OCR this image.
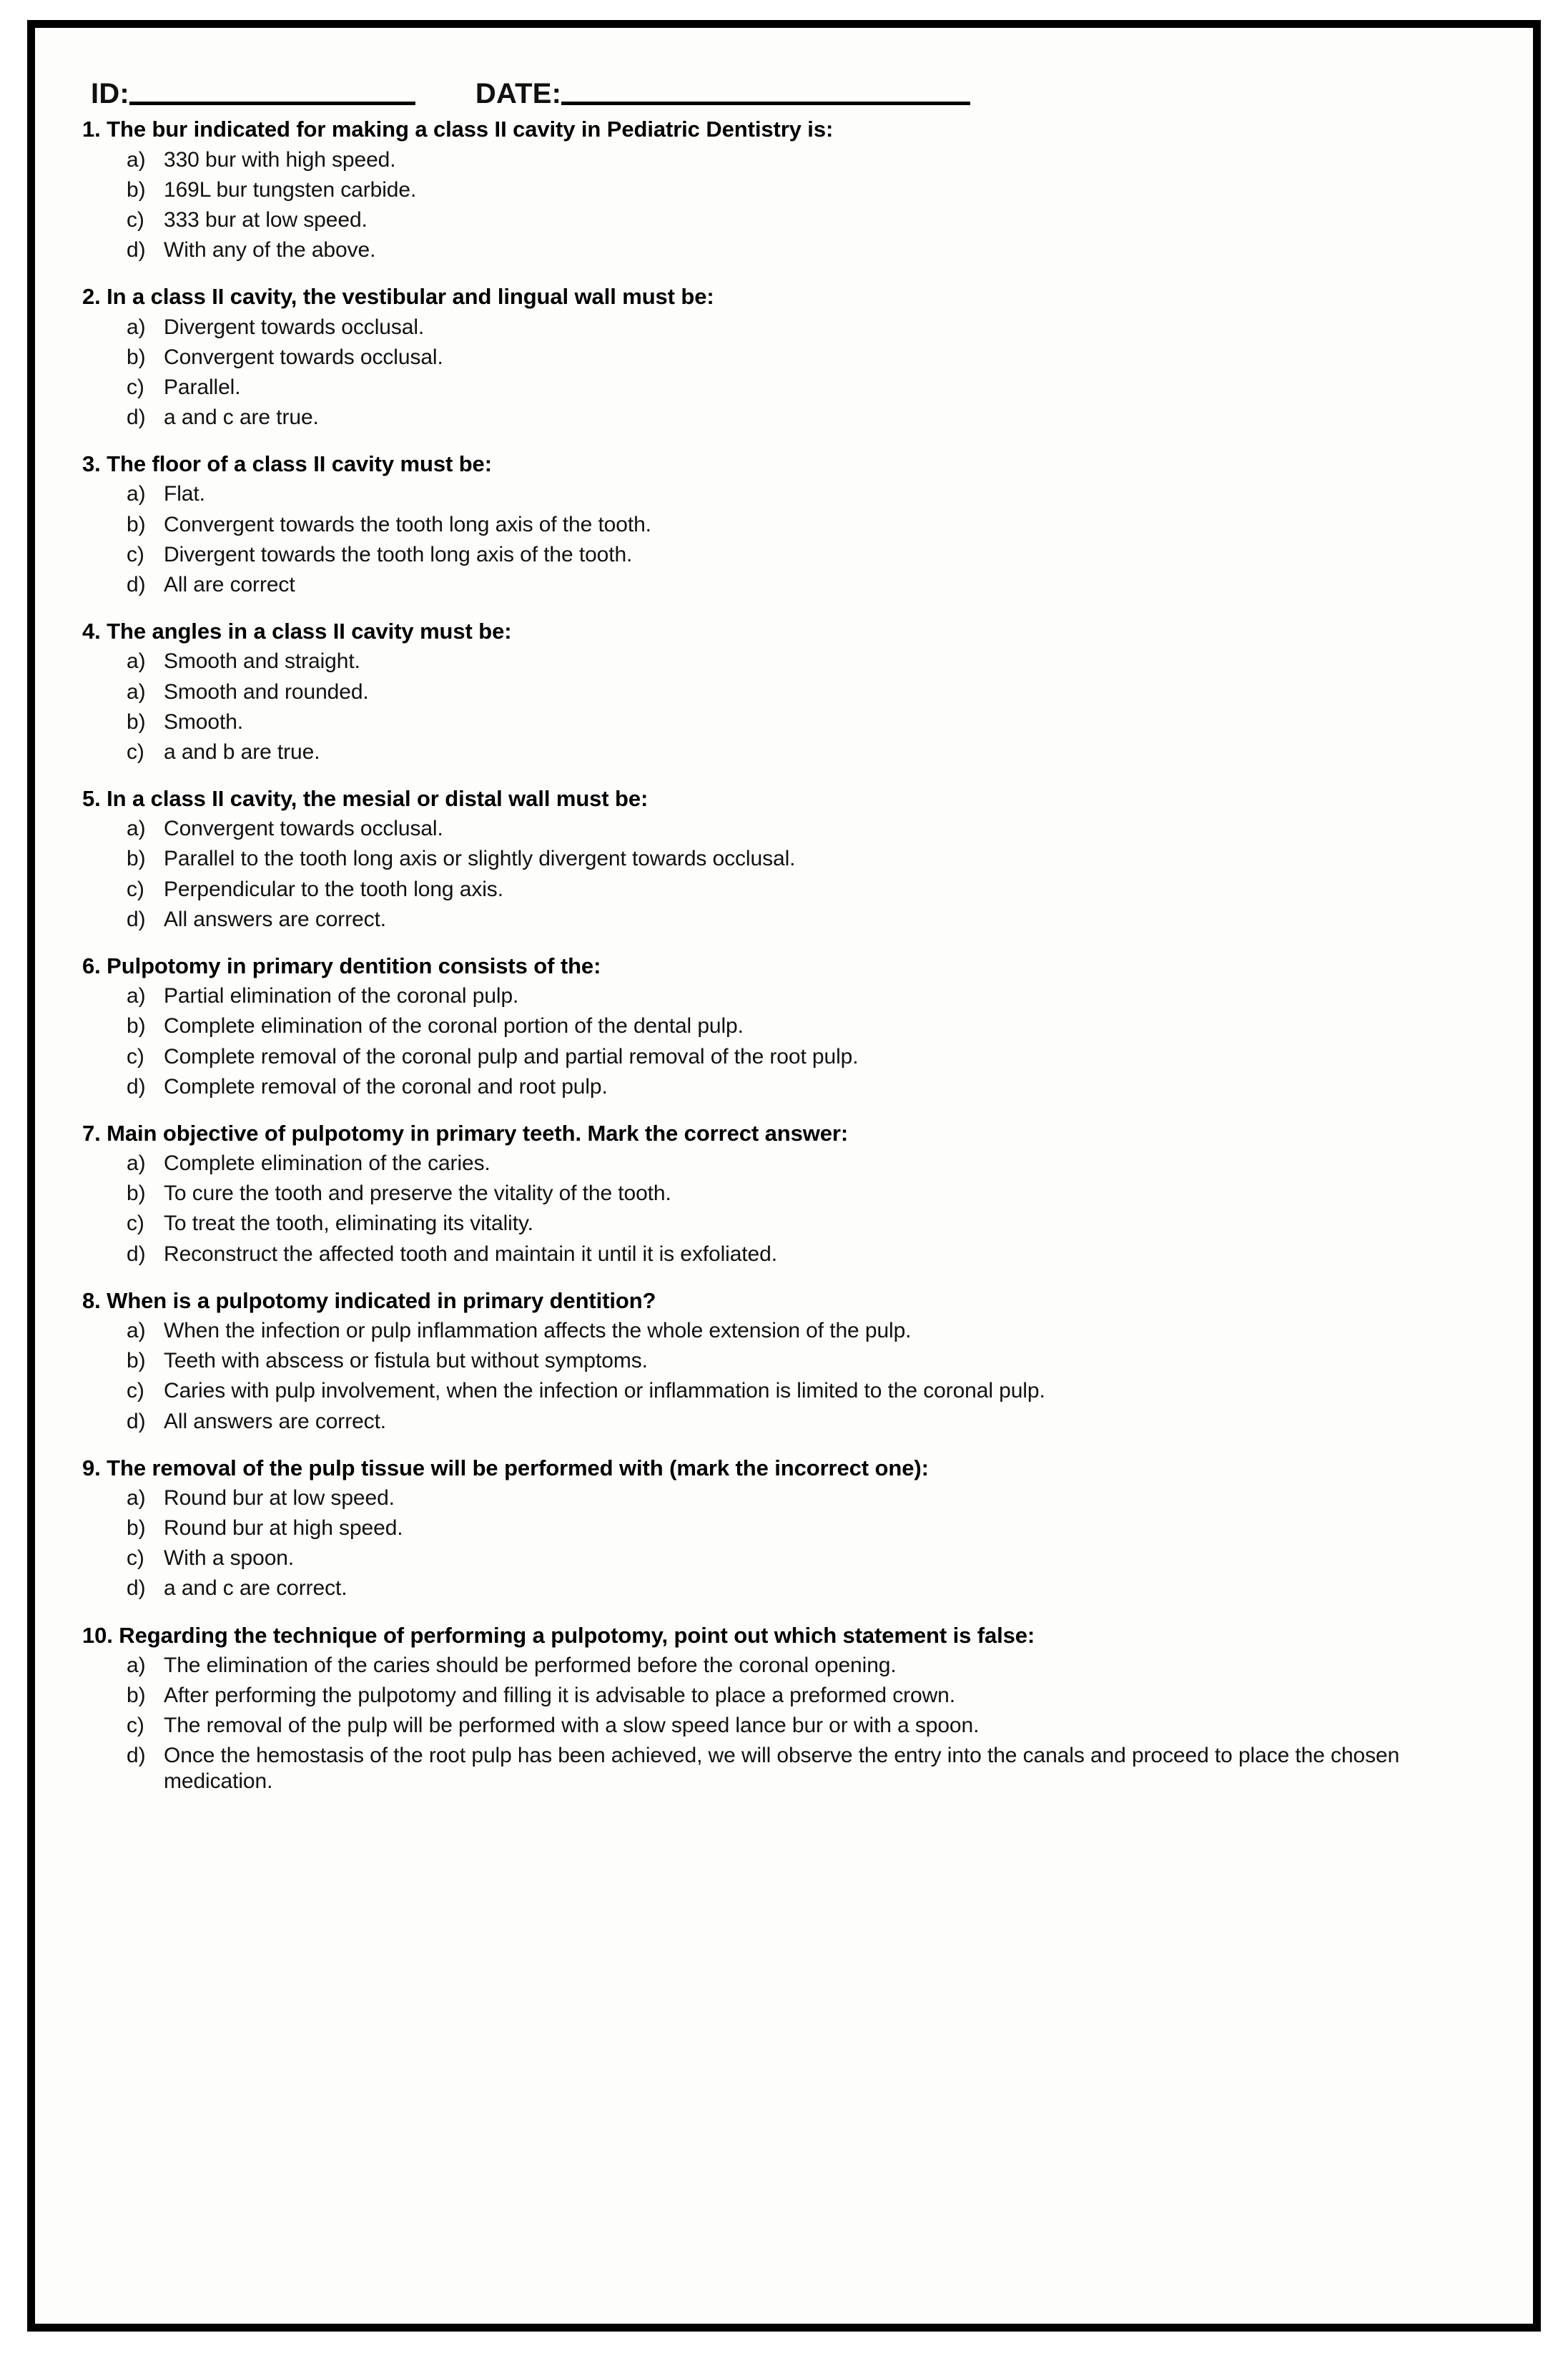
ID:	DATE:
1. The bur indicated for making a class II cavity in Pediatric Dentistry is:
a) 330 bur with high speed.
b) 169L bur tungsten carbide.
c) 333 bur at low speed.
d) With any of the above.
2. In a class II cavity, the vestibular and lingual wall must be:
a) Divergent towards occlusal.
b) Convergent towards occlusal.
c) Parallel.
d) a and c are true.
3. The floor of a class II cavity must be:
a) Flat.
b) Convergent towards the tooth long axis of the tooth.
c) Divergent towards the tooth long axis of the tooth.
d) All are correct
4. The angles in a class II cavity must be:
a) Smooth and straight.
a) Smooth and rounded.
b) Smooth.
c) a and b are true.
5. In a class II cavity, the mesial or distal wall must be:
a) Convergent towards occlusal.
b) Parallel to the tooth long axis or slightly divergent towards occlusal.
c) Perpendicular to the tooth long axis.
d) All answers are correct.
6. Pulpotomy in primary dentition consists of the:
a) Partial elimination of the coronal pulp.
b) Complete elimination of the coronal portion of the dental pulp.
c) Complete removal of the coronal pulp and partial removal of the root pulp.
d) Complete removal of the coronal and root pulp.
7. Main objective of pulpotomy in primary teeth. Mark the correct answer:
a) Complete elimination of the caries.
b) To cure the tooth and preserve the vitality of the tooth.
c) To treat the tooth, eliminating its vitality.
d) Reconstruct the affected tooth and maintain it until it is exfoliated.
8. When is a pulpotomy indicated in primary dentition?
a) When the infection or pulp inflammation affects the whole extension of the pulp.
b) Teeth with abscess or fistula but without symptoms.
c) Caries with pulp involvement, when the infection or inflammation is limited to the coronal pulp.
d) All answers are correct.
9. The removal of the pulp tissue will be performed with (mark the incorrect one):
a) Round bur at low speed.
b) Round bur at high speed.
c) With a spoon.
d) a and c are correct.
10. Regarding the technique of performing a pulpotomy, point out which statement is false:
a) The elimination of the caries should be performed before the coronal opening.
b) After performing the pulpotomy and filling it is advisable to place a preformed crown.
c) The removal of the pulp will be performed with a slow speed lance bur or with a spoon.
d) Once the hemostasis of the root pulp has been achieved, we will observe the entry into the canals and proceed to place the chosen medication.
